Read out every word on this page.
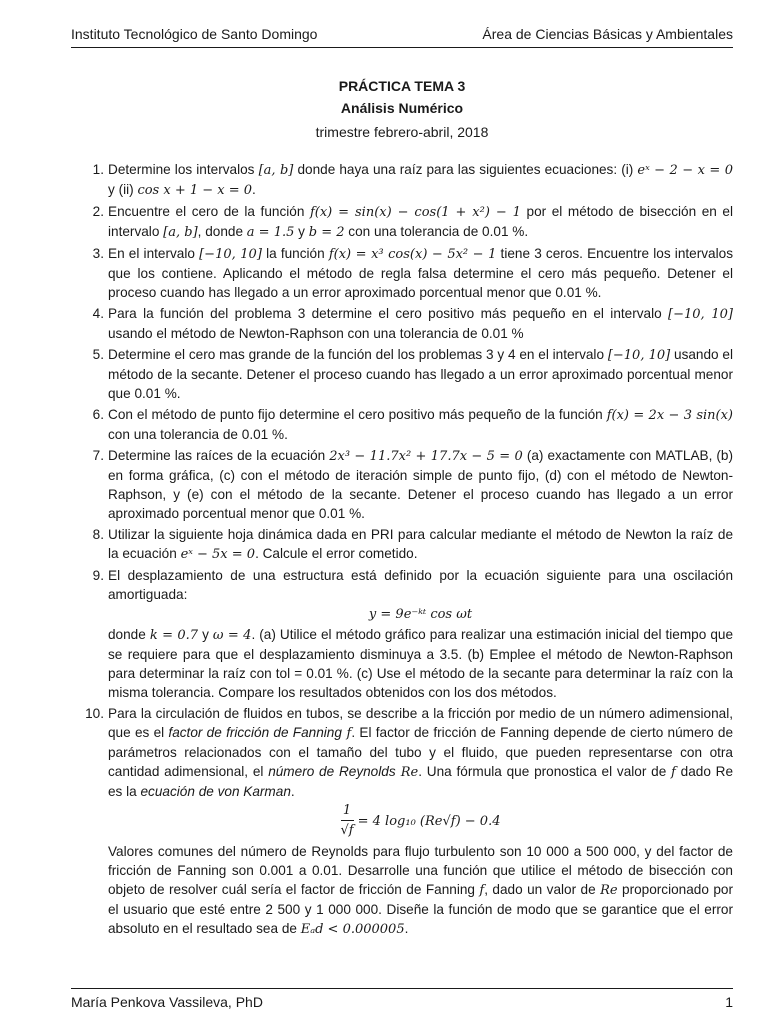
Instituto Tecnológico de Santo Domingo	Área de Ciencias Básicas y Ambientales
PRÁCTICA TEMA 3
Análisis Numérico
trimestre febrero-abril, 2018
1. Determine los intervalos [a, b] donde haya una raíz para las siguientes ecuaciones: (i) eˣ − 2 − x = 0 y (ii) cos x + 1 − x = 0.
2. Encuentre el cero de la función f(x) = sin(x) − cos(1 + x²) − 1 por el método de bisección en el intervalo [a, b], donde a = 1.5 y b = 2 con una tolerancia de 0.01 %.
3. En el intervalo [−10, 10] la función f(x) = x³ cos(x) − 5x² − 1 tiene 3 ceros. Encuentre los intervalos que los contiene. Aplicando el método de regla falsa determine el cero más pequeño. Detener el proceso cuando has llegado a un error aproximado porcentual menor que 0.01 %.
4. Para la función del problema 3 determine el cero positivo más pequeño en el intervalo [−10, 10] usando el método de Newton-Raphson con una tolerancia de 0.01 %
5. Determine el cero mas grande de la función del los problemas 3 y 4 en el intervalo [−10, 10] usando el método de la secante. Detener el proceso cuando has llegado a un error aproximado porcentual menor que 0.01 %.
6. Con el método de punto fijo determine el cero positivo más pequeño de la función f(x) = 2x − 3 sin(x) con una tolerancia de 0.01 %.
7. Determine las raíces de la ecuación 2x³ − 11.7x² + 17.7x − 5 = 0 (a) exactamente con MATLAB, (b) en forma gráfica, (c) con el método de iteración simple de punto fijo, (d) con el método de Newton-Raphson, y (e) con el método de la secante. Detener el proceso cuando has llegado a un error aproximado porcentual menor que 0.01 %.
8. Utilizar la siguiente hoja dinámica dada en PRI para calcular mediante el método de Newton la raíz de la ecuación eˣ − 5x = 0. Calcule el error cometido.
9. El desplazamiento de una estructura está definido por la ecuación siguiente para una oscilación amortiguada:
y = 9e⁻ᵏᵗ cos ωt
donde k = 0.7 y ω = 4. (a) Utilice el método gráfico para realizar una estimación inicial del tiempo que se requiere para que el desplazamiento disminuya a 3.5. (b) Emplee el método de Newton-Raphson para determinar la raíz con tol = 0.01 %. (c) Use el método de la secante para determinar la raíz con la misma tolerancia. Compare los resultados obtenidos con los dos métodos.
10. Para la circulación de fluidos en tubos, se describe a la fricción por medio de un número adimensional, que es el factor de fricción de Fanning f. El factor de fricción de Fanning depende de cierto número de parámetros relacionados con el tamaño del tubo y el fluido, que pueden representarse con otra cantidad adimensional, el número de Reynolds Re. Una fórmula que pronostica el valor de f dado Re es la ecuación de von Karman.
$\frac{1}{√f} = 4$ log₁₀ (Re√f) − 0.4
Valores comunes del número de Reynolds para flujo turbulento son 10 000 a 500 000, y del factor de fricción de Fanning son 0.001 a 0.01. Desarrolle una función que utilice el método de bisección con objeto de resolver cuál sería el factor de fricción de Fanning f, dado un valor de Re proporcionado por el usuario que esté entre 2 500 y 1 000 000. Diseñe la función de modo que se garantice que el error absoluto en el resultado sea de Eₐd < 0.000005.
María Penkova Vassileva, PhD	1
